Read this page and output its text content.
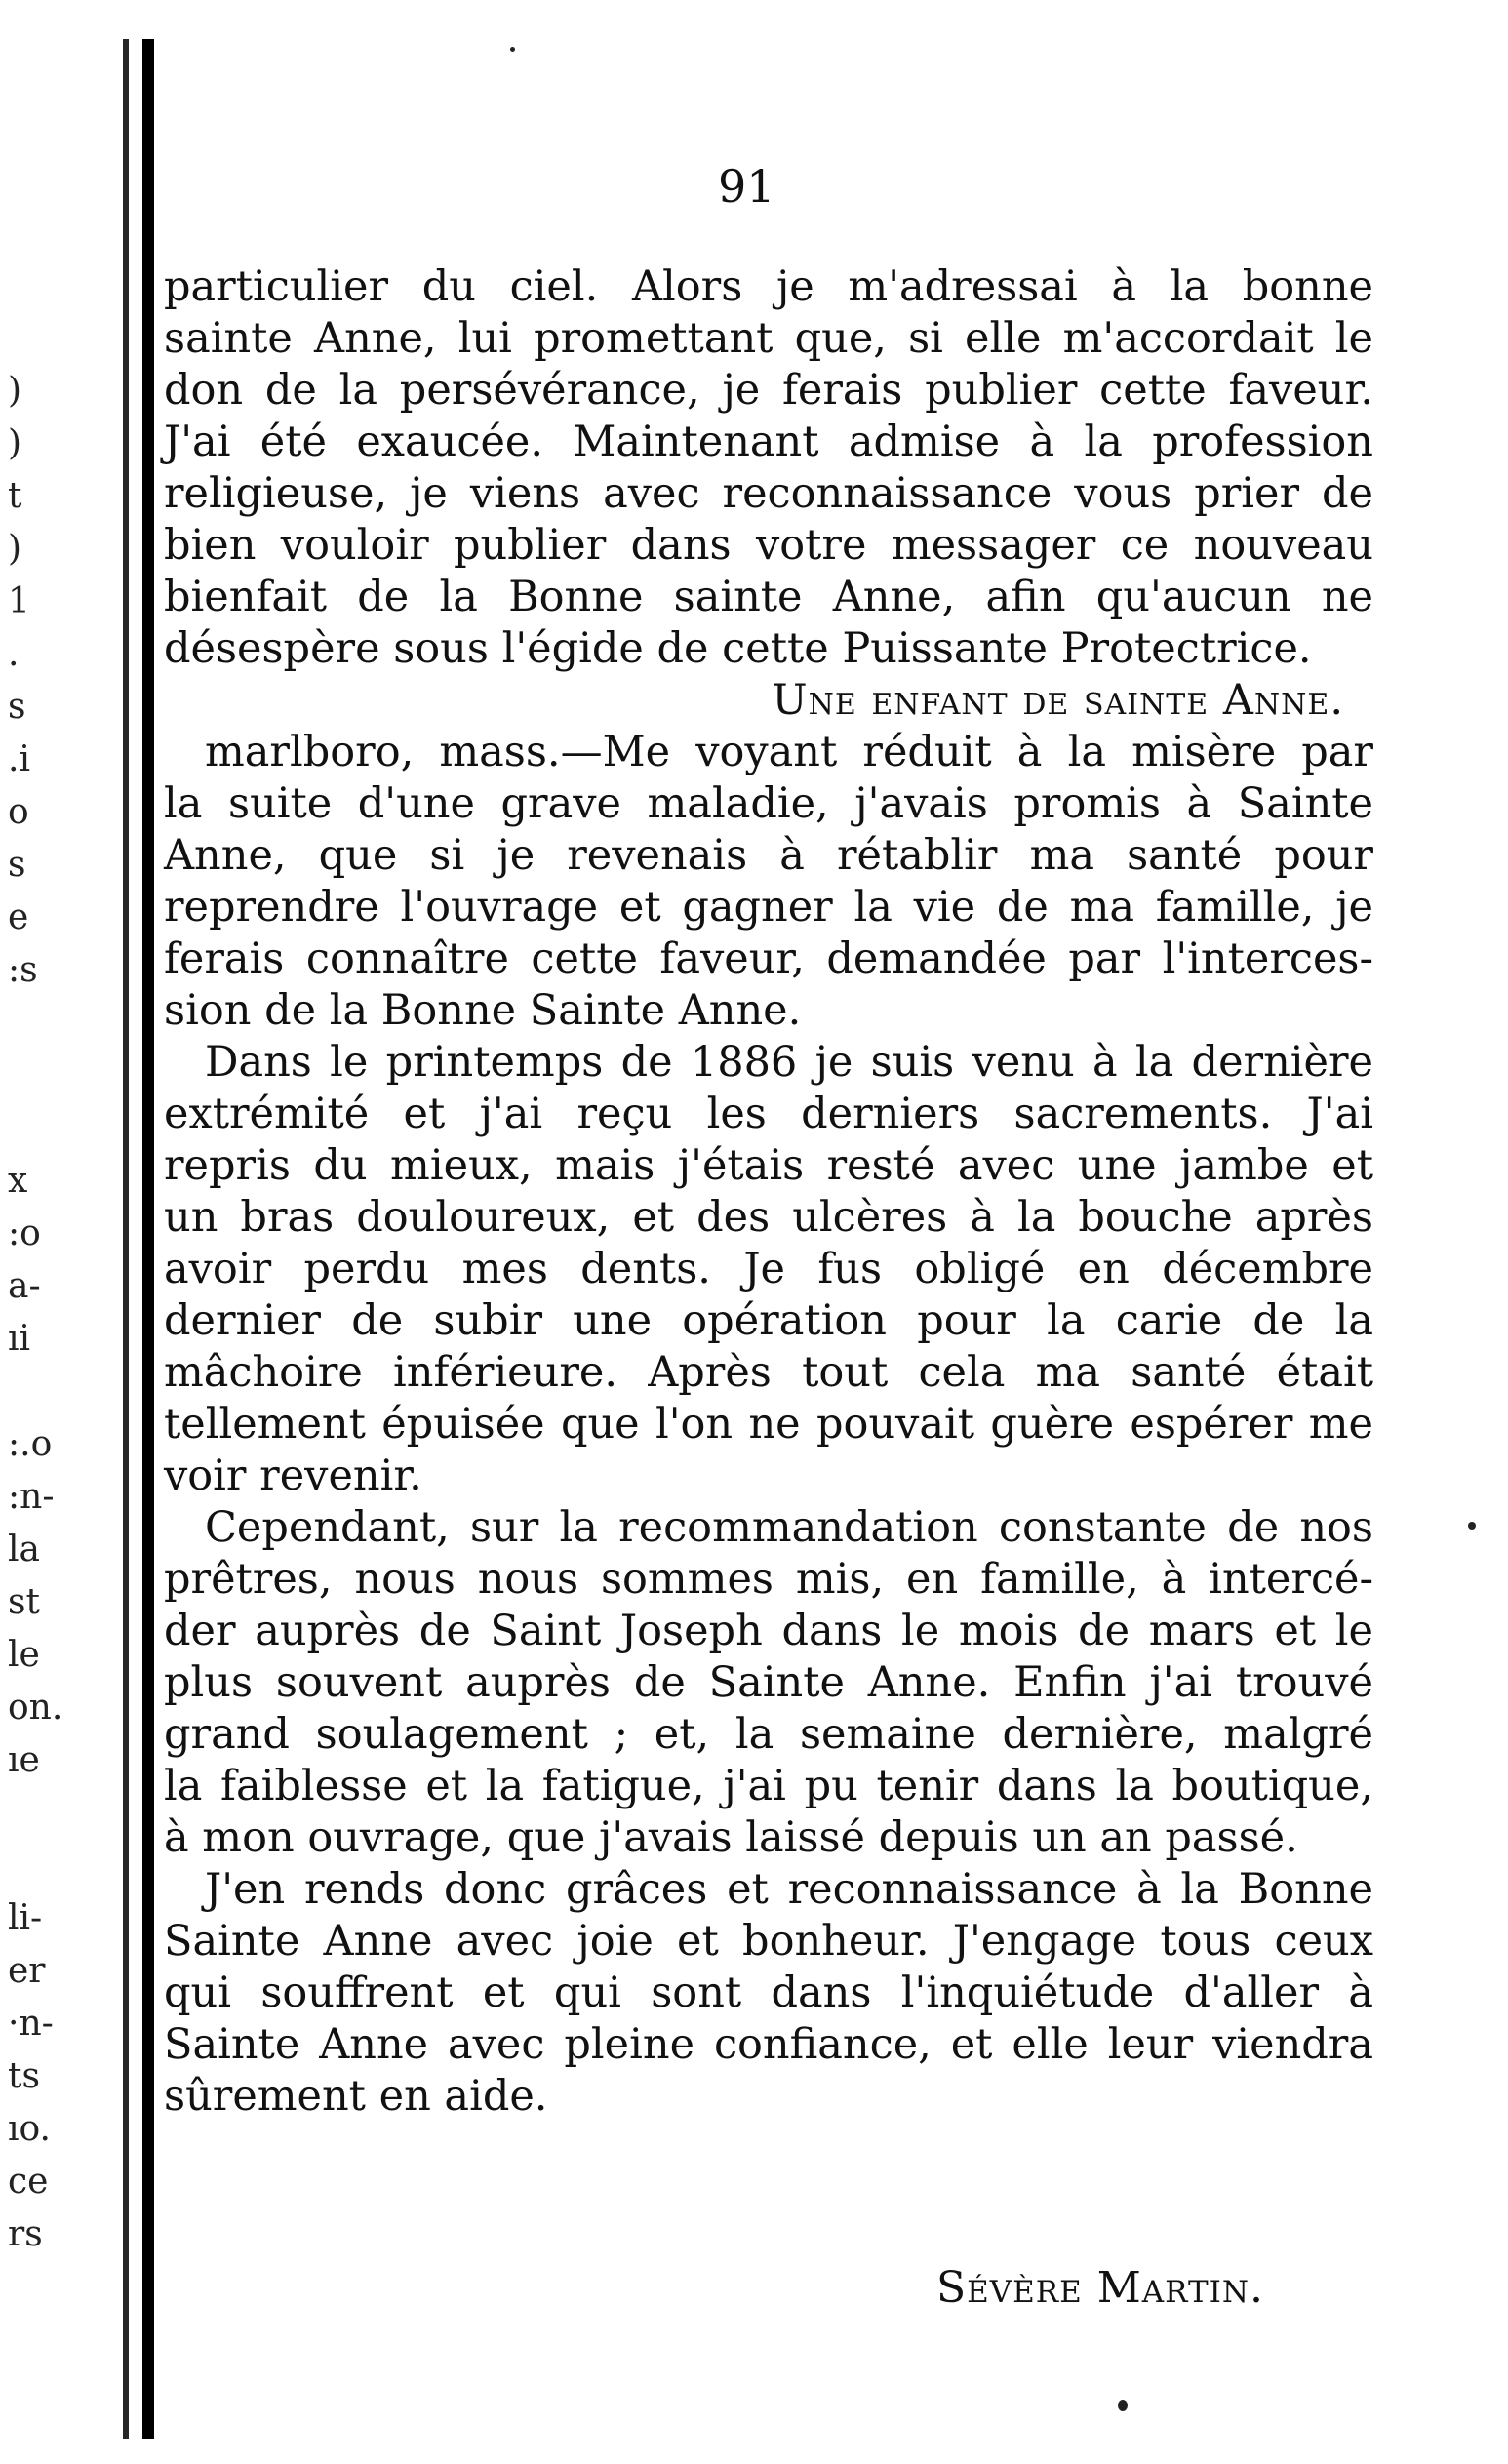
)
)
t
)
1
.
s
.i
o
s
e
:s
x
:o
a-
ıi
:.o
:n-
la
st
le
on.
ıe
li-
er
·n-
ts
ıo.
ce
rs
91
particulier du ciel. Alors je m'adressai à la bonne
sainte Anne, lui promettant que, si elle m'accordait le
don de la persévérance, je ferais publier cette faveur.
J'ai été exaucée. Maintenant admise à la profession
religieuse, je viens avec reconnaissance vous prier de
bien vouloir publier dans votre messager ce nouveau
bienfait de la Bonne sainte Anne, afin qu'aucun ne
désespère sous l'égide de cette Puissante Protectrice.
Une enfant de sainte Anne.
marlboro, mass.—Me voyant réduit à la misère par
la suite d'une grave maladie, j'avais promis à Sainte
Anne, que si je revenais à rétablir ma santé pour
reprendre l'ouvrage et gagner la vie de ma famille, je
ferais connaître cette faveur, demandée par l'interces-
sion de la Bonne Sainte Anne.
Dans le printemps de 1886 je suis venu à la dernière
extrémité et j'ai reçu les derniers sacrements. J'ai
repris du mieux, mais j'étais resté avec une jambe et
un bras douloureux, et des ulcères à la bouche après
avoir perdu mes dents. Je fus obligé en décembre
dernier de subir une opération pour la carie de la
mâchoire inférieure. Après tout cela ma santé était
tellement épuisée que l'on ne pouvait guère espérer me
voir revenir.
Cependant, sur la recommandation constante de nos
prêtres, nous nous sommes mis, en famille, à intercé-
der auprès de Saint Joseph dans le mois de mars et le
plus souvent auprès de Sainte Anne. Enfin j'ai trouvé
grand soulagement ; et, la semaine dernière, malgré
la faiblesse et la fatigue, j'ai pu tenir dans la boutique,
à mon ouvrage, que j'avais laissé depuis un an passé.
J'en rends donc grâces et reconnaissance à la Bonne
Sainte Anne avec joie et bonheur. J'engage tous ceux
qui souffrent et qui sont dans l'inquiétude d'aller à
Sainte Anne avec pleine confiance, et elle leur viendra
sûrement en aide.
Sévère Martin.
